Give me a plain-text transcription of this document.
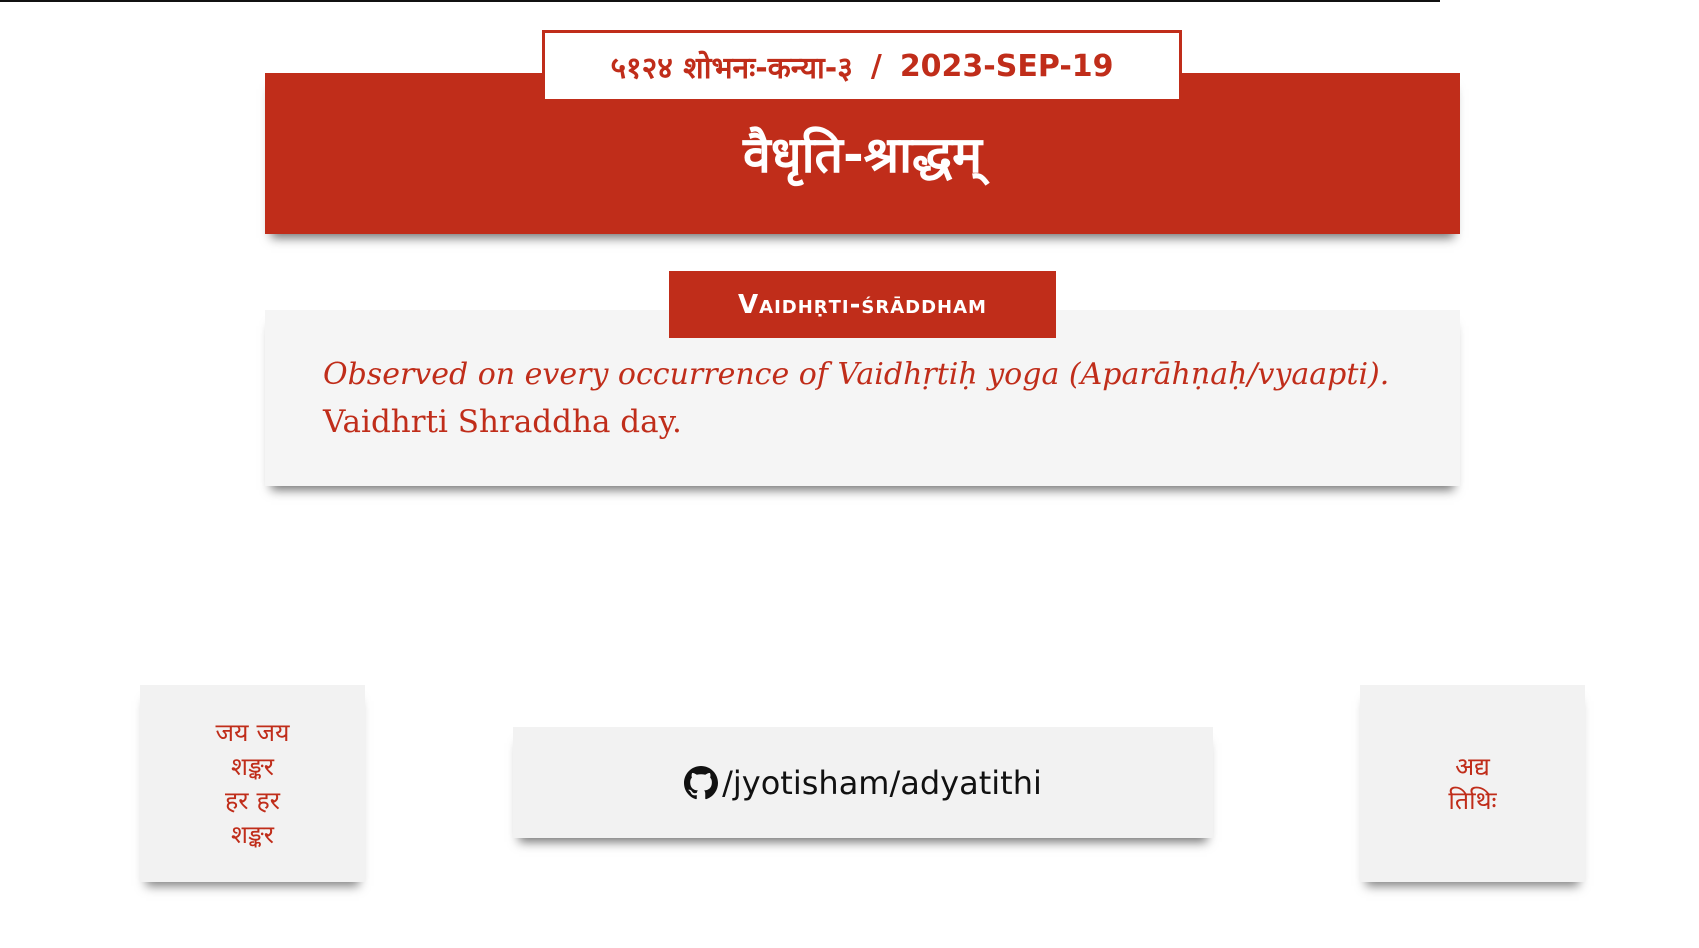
वैधृति-श्राद्धम्
५१२४ शोभनः-कन्या-३ / 2023-SEP-19
Observed on every occurrence of Vaidhṛtiḥ yoga (Aparāhṇaḥ/vyaapti).
Vaidhrti Shraddha day.
Vaidhṛti-śrāddham
जय जय
शङ्कर
हर हर
शङ्कर
/jyotisham/adyatithi	अद्य
तिथिः
